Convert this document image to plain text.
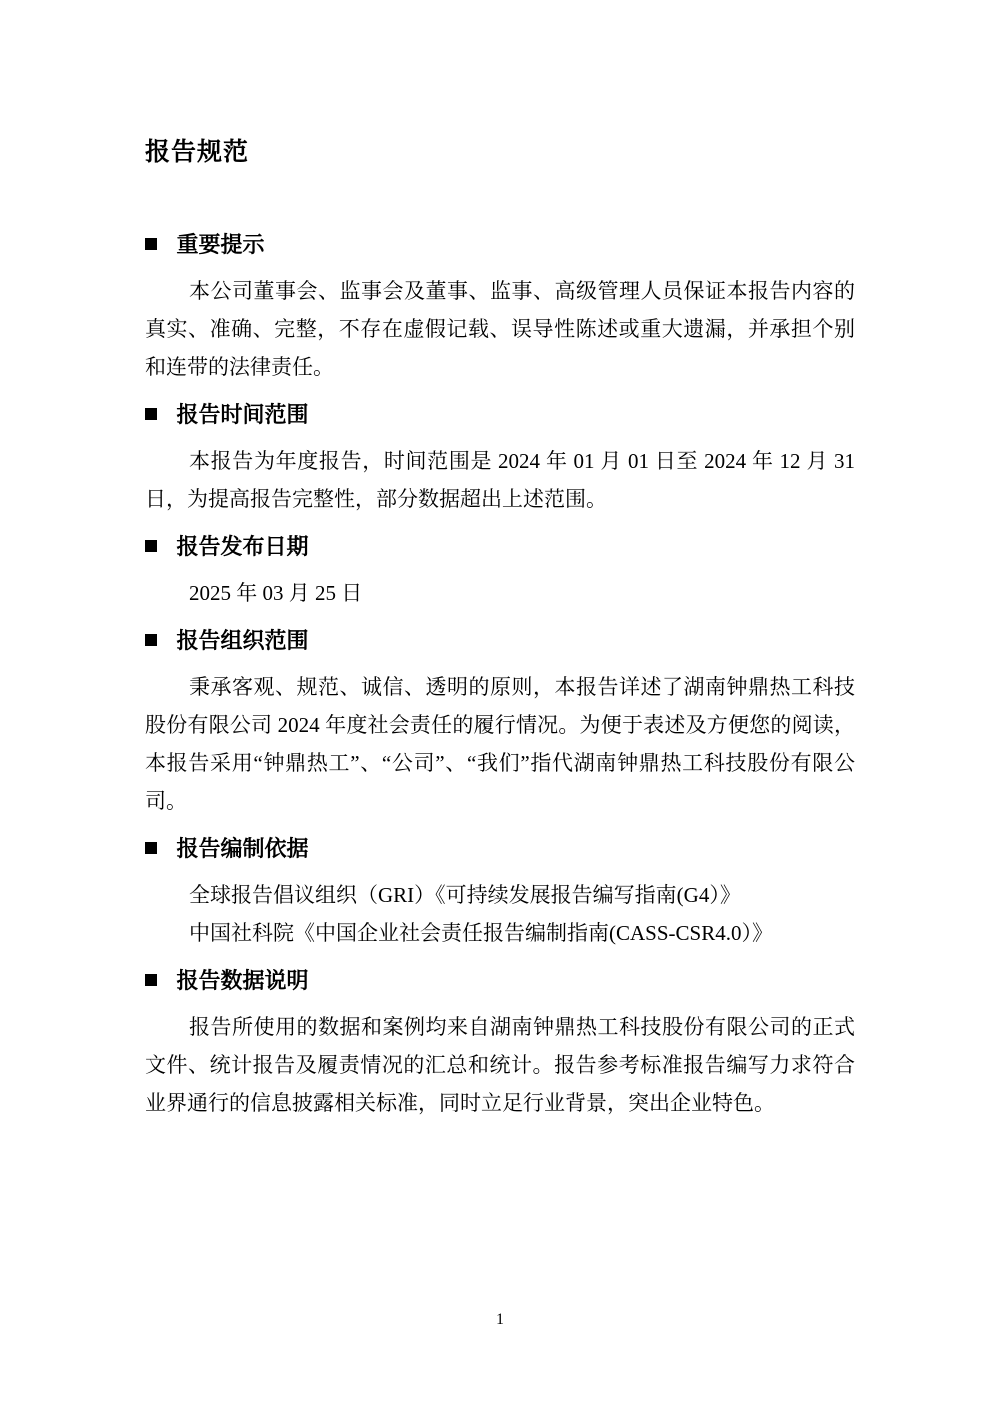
报告规范
重要提示

本公司董事会、监事会及董事、监事、高级管理人员保证本报告内容的真实、准确、完整，不存在虚假记载、误导性陈述或重大遗漏，并承担个别和连带的法律责任。

报告时间范围

本报告为年度报告，时间范围是 2024 年 01 月 01 日至 2024 年 12 月 31 日，为提高报告完整性，部分数据超出上述范围。

报告发布日期

2025 年 03 月 25 日

报告组织范围

秉承客观、规范、诚信、透明的原则，本报告详述了湖南钟鼎热工科技股份有限公司 2024 年度社会责任的履行情况。为便于表述及方便您的阅读，本报告采用“钟鼎热工”、“公司”、“我们”指代湖南钟鼎热工科技股份有限公司。

报告编制依据

全球报告倡议组织（GRI）《可持续发展报告编写指南(G4）》

中国社科院《中国企业社会责任报告编制指南(CASS-CSR4.0）》

报告数据说明

报告所使用的数据和案例均来自湖南钟鼎热工科技股份有限公司的正式文件、统计报告及履责情况的汇总和统计。报告参考标准报告编写力求符合业界通行的信息披露相关标准，同时立足行业背景，突出企业特色。

1
